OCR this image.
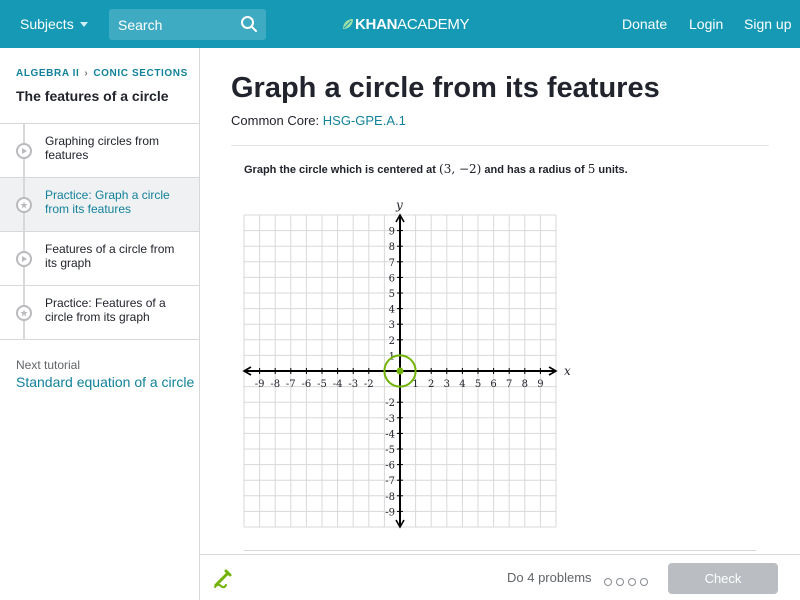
Subjects
Search	KHANACADEMY	Donate Login Sign up
ALGEBRA II › CONIC SECTIONS
The features of a circle
Graphing circles from features
Practice: Graph a circle from its features
Features of a circle from its graph
Practice: Features of a circle from its graph
Next tutorial
Standard equation of a circle
Graph a circle from its features
Common Core: HSG-GPE.A.1
Graph the circle which is centered at (3, −2) and has a radius of 5 units.
-9 -8 -7 -6 -5 -4 -3 -2	1 2 3 4 5 6 7 8 9
9
8
7
6
5
4
3
2
1
-2
-3
-4
-5
-6
-7
-8
-9
x
y
Do 4 problems	Check
